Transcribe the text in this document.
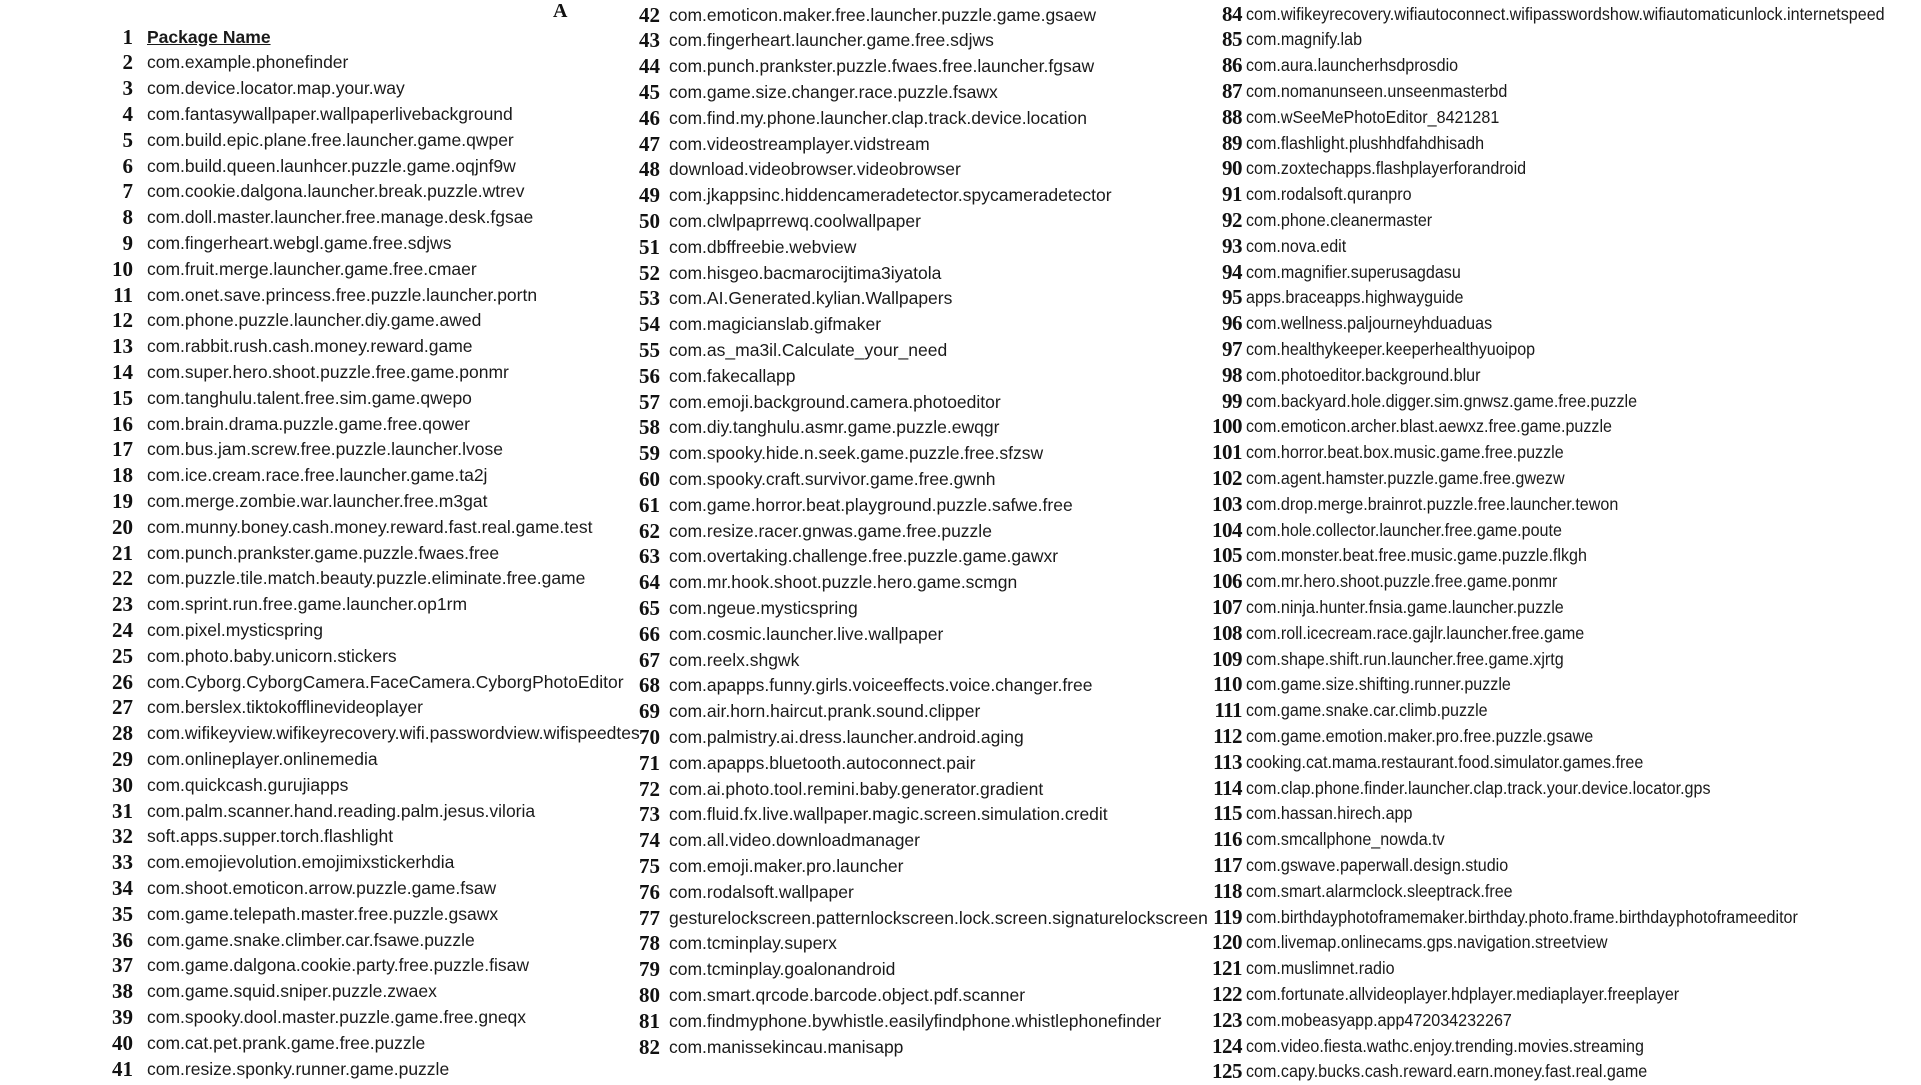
A
1 Package Name
2 com.example.phonefinder
3 com.device.locator.map.your.way
4 com.fantasywallpaper.wallpaperlivebackground
5 com.build.epic.plane.free.launcher.game.qwper
6 com.build.queen.launhcer.puzzle.game.oqjnf9w
7 com.cookie.dalgona.launcher.break.puzzle.wtrev
8 com.doll.master.launcher.free.manage.desk.fgsae
9 com.fingerheart.webgl.game.free.sdjws
10 com.fruit.merge.launcher.game.free.cmaer
11 com.onet.save.princess.free.puzzle.launcher.portn
12 com.phone.puzzle.launcher.diy.game.awed
13 com.rabbit.rush.cash.money.reward.game
14 com.super.hero.shoot.puzzle.free.game.ponmr
15 com.tanghulu.talent.free.sim.game.qwepo
16 com.brain.drama.puzzle.game.free.qower
17 com.bus.jam.screw.free.puzzle.launcher.lvose
18 com.ice.cream.race.free.launcher.game.ta2j
19 com.merge.zombie.war.launcher.free.m3gat
20 com.munny.boney.cash.money.reward.fast.real.game.test
21 com.punch.prankster.game.puzzle.fwaes.free
22 com.puzzle.tile.match.beauty.puzzle.eliminate.free.game
23 com.sprint.run.free.game.launcher.op1rm
24 com.pixel.mysticspring
25 com.photo.baby.unicorn.stickers
26 com.Cyborg.CyborgCamera.FaceCamera.CyborgPhotoEditor
27 com.berslex.tiktokofflinevideoplayer
28 com.wifikeyview.wifikeyrecovery.wifi.passwordview.wifispeedtes
29 com.onlineplayer.onlinemedia
30 com.quickcash.gurujiapps
31 com.palm.scanner.hand.reading.palm.jesus.viloria
32 soft.apps.supper.torch.flashlight
33 com.emojievolution.emojimixstickerhdia
34 com.shoot.emoticon.arrow.puzzle.game.fsaw
35 com.game.telepath.master.free.puzzle.gsawx
36 com.game.snake.climber.car.fsawe.puzzle
37 com.game.dalgona.cookie.party.free.puzzle.fisaw
38 com.game.squid.sniper.puzzle.zwaex
39 com.spooky.dool.master.puzzle.game.free.gneqx
40 com.cat.pet.prank.game.free.puzzle
41 com.resize.sponky.runner.game.puzzle
42 com.emoticon.maker.free.launcher.puzzle.game.gsaew
43 com.fingerheart.launcher.game.free.sdjws
44 com.punch.prankster.puzzle.fwaes.free.launcher.fgsaw
45 com.game.size.changer.race.puzzle.fsawx
46 com.find.my.phone.launcher.clap.track.device.location
47 com.videostreamplayer.vidstream
48 download.videobrowser.videobrowser
49 com.jkappsinc.hiddencameradetector.spycameradetector
50 com.clwlpaprrewq.coolwallpaper
51 com.dbffreebie.webview
52 com.hisgeo.bacmarocijtima3iyatola
53 com.AI.Generated.kylian.Wallpapers
54 com.magicianslab.gifmaker
55 com.as_ma3il.Calculate_your_need
56 com.fakecallapp
57 com.emoji.background.camera.photoeditor
58 com.diy.tanghulu.asmr.game.puzzle.ewqgr
59 com.spooky.hide.n.seek.game.puzzle.free.sfzsw
60 com.spooky.craft.survivor.game.free.gwnh
61 com.game.horror.beat.playground.puzzle.safwe.free
62 com.resize.racer.gnwas.game.free.puzzle
63 com.overtaking.challenge.free.puzzle.game.gawxr
64 com.mr.hook.shoot.puzzle.hero.game.scmgn
65 com.ngeue.mysticspring
66 com.cosmic.launcher.live.wallpaper
67 com.reelx.shgwk
68 com.apapps.funny.girls.voiceeffects.voice.changer.free
69 com.air.horn.haircut.prank.sound.clipper
70 com.palmistry.ai.dress.launcher.android.aging
71 com.apapps.bluetooth.autoconnect.pair
72 com.ai.photo.tool.remini.baby.generator.gradient
73 com.fluid.fx.live.wallpaper.magic.screen.simulation.credit
74 com.all.video.downloadmanager
75 com.emoji.maker.pro.launcher
76 com.rodalsoft.wallpaper
77 gesturelockscreen.patternlockscreen.lock.screen.signaturelockscreen
78 com.tcminplay.superx
79 com.tcminplay.goalonandroid
80 com.smart.qrcode.barcode.object.pdf.scanner
81 com.findmyphone.bywhistle.easilyfindphone.whistlephonefinder
82 com.manissekincau.manisapp
84 com.wifikeyrecovery.wifiautoconnect.wifipasswordshow.wifiautomaticunlock.internetspeed
85 com.magnify.lab
86 com.aura.launcherhsdprosdio
87 com.nomanunseen.unseenmasterbd
88 com.wSeeMePhotoEditor_8421281
89 com.flashlight.plushhdfahdhisadh
90 com.zoxtechapps.flashplayerforandroid
91 com.rodalsoft.quranpro
92 com.phone.cleanermaster
93 com.nova.edit
94 com.magnifier.superusagdasu
95 apps.braceapps.highwayguide
96 com.wellness.paljourneyhduaduas
97 com.healthykeeper.keeperhealthyuoipop
98 com.photoeditor.background.blur
99 com.backyard.hole.digger.sim.gnwsz.game.free.puzzle
100 com.emoticon.archer.blast.aewxz.free.game.puzzle
101 com.horror.beat.box.music.game.free.puzzle
102 com.agent.hamster.puzzle.game.free.gwezw
103 com.drop.merge.brainrot.puzzle.free.launcher.tewon
104 com.hole.collector.launcher.free.game.poute
105 com.monster.beat.free.music.game.puzzle.flkgh
106 com.mr.hero.shoot.puzzle.free.game.ponmr
107 com.ninja.hunter.fnsia.game.launcher.puzzle
108 com.roll.icecream.race.gajlr.launcher.free.game
109 com.shape.shift.run.launcher.free.game.xjrtg
110 com.game.size.shifting.runner.puzzle
111 com.game.snake.car.climb.puzzle
112 com.game.emotion.maker.pro.free.puzzle.gsawe
113 cooking.cat.mama.restaurant.food.simulator.games.free
114 com.clap.phone.finder.launcher.clap.track.your.device.locator.gps
115 com.hassan.hirech.app
116 com.smcallphone_nowda.tv
117 com.gswave.paperwall.design.studio
118 com.smart.alarmclock.sleeptrack.free
119 com.birthdayphotoframemaker.birthday.photo.frame.birthdayphotoframeeditor
120 com.livemap.onlinecams.gps.navigation.streetview
121 com.muslimnet.radio
122 com.fortunate.allvideoplayer.hdplayer.mediaplayer.freeplayer
123 com.mobeasyapp.app472034232267
124 com.video.fiesta.wathc.enjoy.trending.movies.streaming
125 com.capy.bucks.cash.reward.earn.money.fast.real.game
